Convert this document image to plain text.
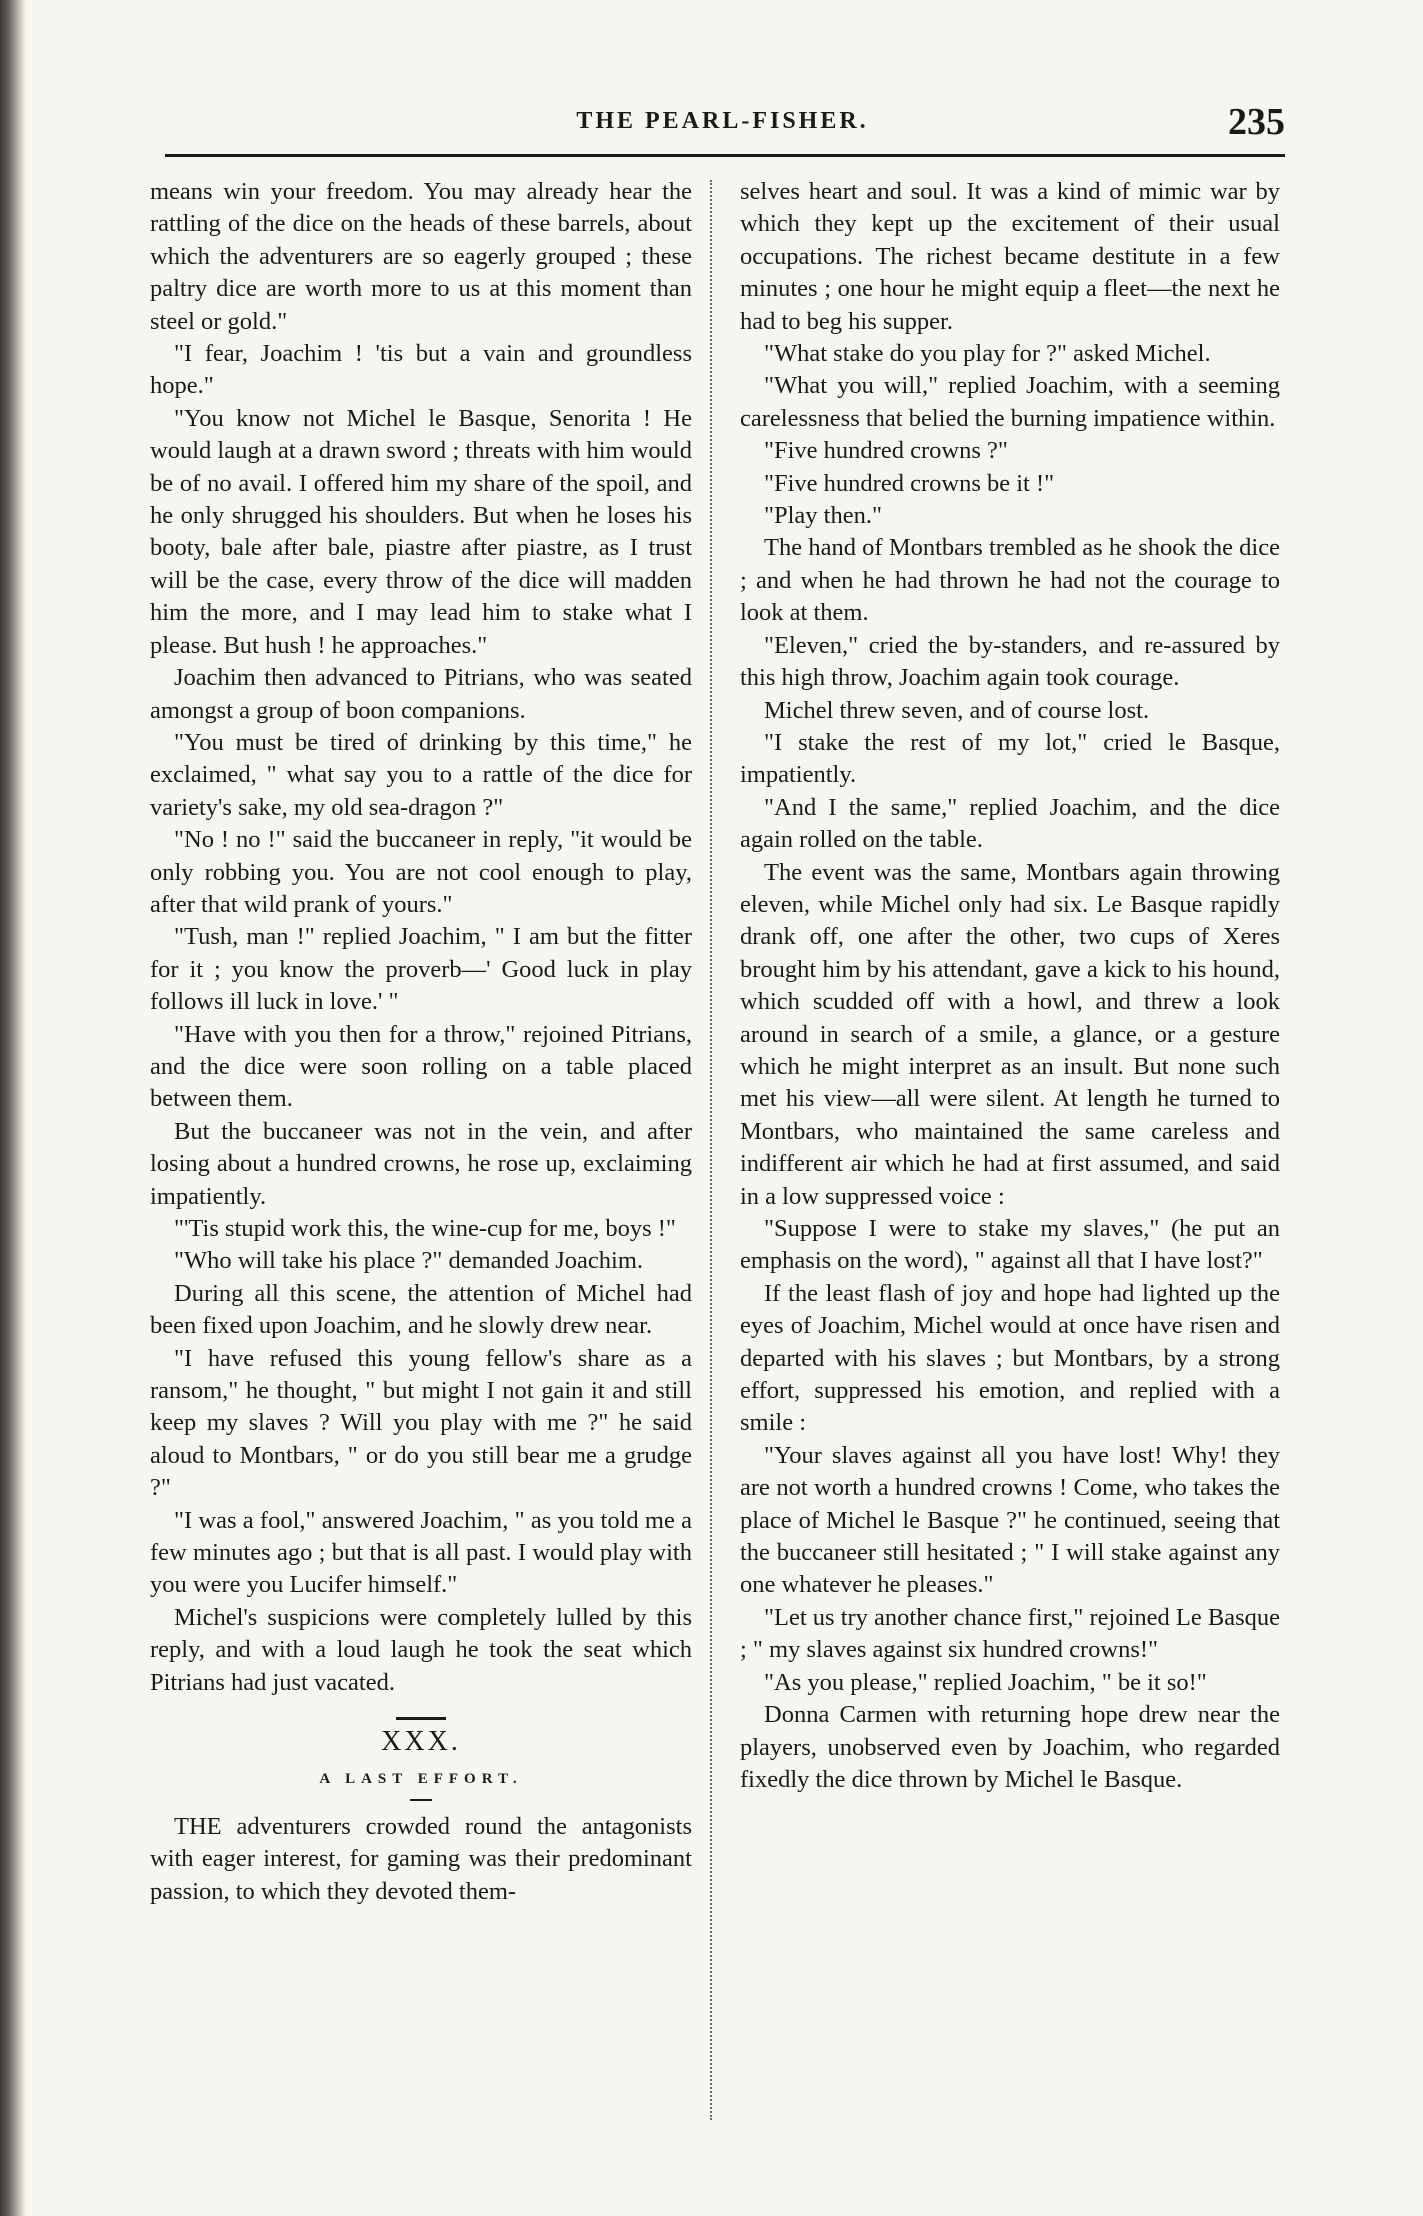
THE PEARL-FISHER.	235

means win your freedom. You may already hear the rattling of the dice on the heads of these barrels, about which the adventurers are so eagerly grouped ; these paltry dice are worth more to us at this moment than steel or gold."

"I fear, Joachim ! 'tis but a vain and groundless hope."

"You know not Michel le Basque, Senorita ! He would laugh at a drawn sword ; threats with him would be of no avail. I offered him my share of the spoil, and he only shrugged his shoulders. But when he loses his booty, bale after bale, piastre after piastre, as I trust will be the case, every throw of the dice will madden him the more, and I may lead him to stake what I please. But hush ! he approaches."

Joachim then advanced to Pitrians, who was seated amongst a group of boon companions.

"You must be tired of drinking by this time," he exclaimed, " what say you to a rattle of the dice for variety's sake, my old sea-dragon ?"

"No ! no !" said the buccaneer in reply, "it would be only robbing you. You are not cool enough to play, after that wild prank of yours."

"Tush, man !" replied Joachim, " I am but the fitter for it ; you know the proverb—' Good luck in play follows ill luck in love.' "

"Have with you then for a throw," rejoined Pitrians, and the dice were soon rolling on a table placed between them.

But the buccaneer was not in the vein, and after losing about a hundred crowns, he rose up, exclaiming impatiently.

"'Tis stupid work this, the wine-cup for me, boys !"

"Who will take his place ?" demanded Joachim.

During all this scene, the attention of Michel had been fixed upon Joachim, and he slowly drew near.

"I have refused this young fellow's share as a ransom," he thought, " but might I not gain it and still keep my slaves ? Will you play with me ?" he said aloud to Montbars, " or do you still bear me a grudge ?"

"I was a fool," answered Joachim, " as you told me a few minutes ago ; but that is all past. I would play with you were you Lucifer himself."

Michel's suspicions were completely lulled by this reply, and with a loud laugh he took the seat which Pitrians had just vacated.

XXX.
A LAST EFFORT.

THE adventurers crowded round the antagonists with eager interest, for gaming was their predominant passion, to which they devoted them-

selves heart and soul. It was a kind of mimic war by which they kept up the excitement of their usual occupations. The richest became destitute in a few minutes ; one hour he might equip a fleet—the next he had to beg his supper.

"What stake do you play for ?" asked Michel.

"What you will," replied Joachim, with a seeming carelessness that belied the burning impatience within.

"Five hundred crowns ?"

"Five hundred crowns be it !"

"Play then."

The hand of Montbars trembled as he shook the dice ; and when he had thrown he had not the courage to look at them.

"Eleven," cried the by-standers, and re-assured by this high throw, Joachim again took courage.

Michel threw seven, and of course lost.

"I stake the rest of my lot," cried le Basque, impatiently.

"And I the same," replied Joachim, and the dice again rolled on the table.

The event was the same, Montbars again throwing eleven, while Michel only had six. Le Basque rapidly drank off, one after the other, two cups of Xeres brought him by his attendant, gave a kick to his hound, which scudded off with a howl, and threw a look around in search of a smile, a glance, or a gesture which he might interpret as an insult. But none such met his view—all were silent. At length he turned to Montbars, who maintained the same careless and indifferent air which he had at first assumed, and said in a low suppressed voice :

"Suppose I were to stake my slaves," (he put an emphasis on the word), " against all that I have lost?"

If the least flash of joy and hope had lighted up the eyes of Joachim, Michel would at once have risen and departed with his slaves ; but Montbars, by a strong effort, suppressed his emotion, and replied with a smile :

"Your slaves against all you have lost! Why! they are not worth a hundred crowns ! Come, who takes the place of Michel le Basque ?" he continued, seeing that the buccaneer still hesitated ; " I will stake against any one whatever he pleases."

"Let us try another chance first," rejoined Le Basque ; " my slaves against six hundred crowns!"

"As you please," replied Joachim, " be it so!"

Donna Carmen with returning hope drew near the players, unobserved even by Joachim, who regarded fixedly the dice thrown by Michel le Basque.
